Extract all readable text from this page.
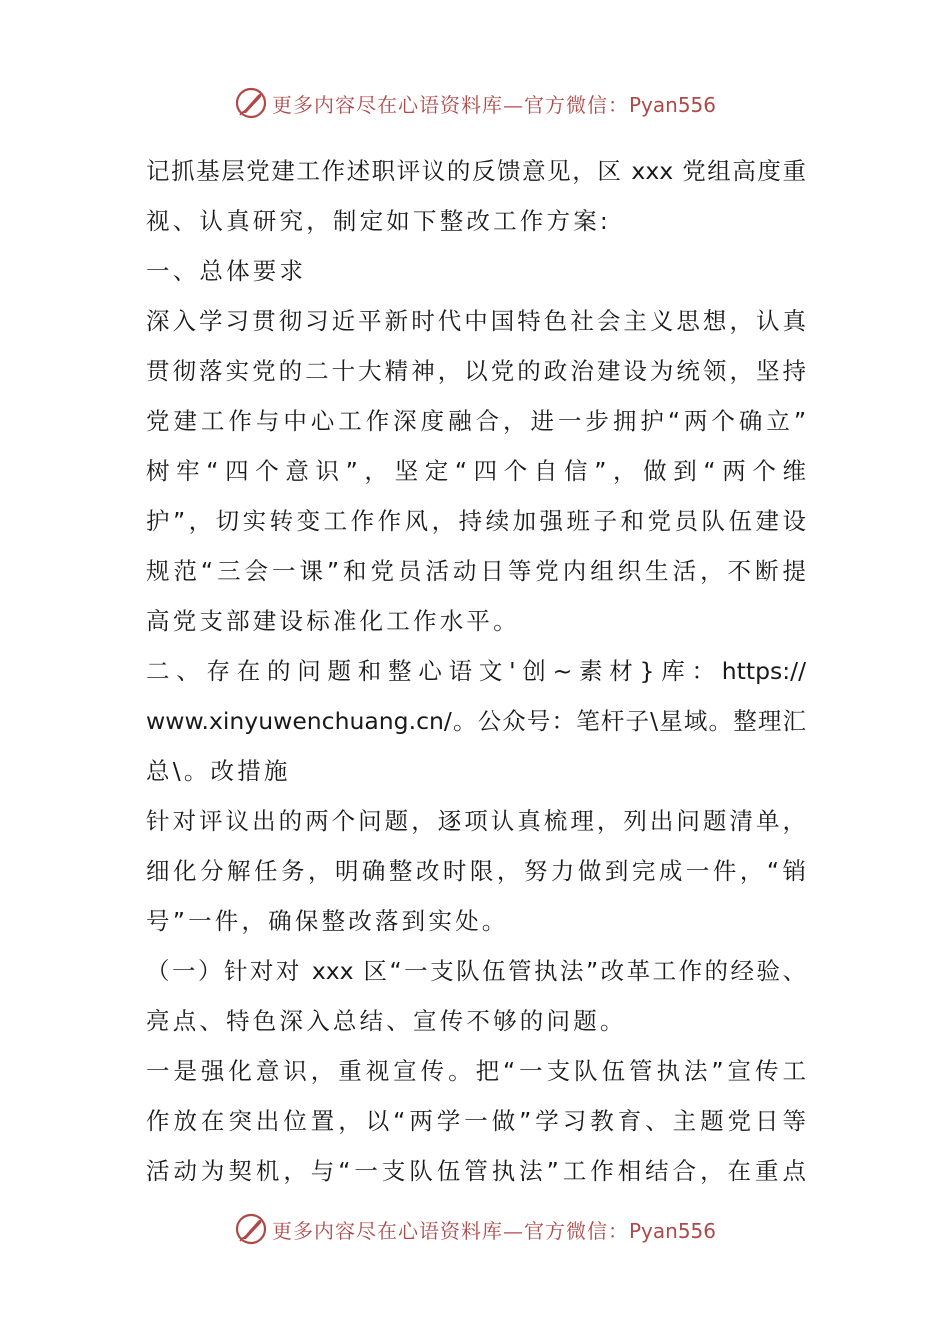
更多内容尽在心语资料库—官方微信：Pyan556
记抓基层党建工作述职评议的反馈意见，区 xxx 党组高度重
视、认真研究，制定如下整改工作方案:
一、总体要求
深入学习贯彻习近平新时代中国特色社会主义思想，认真
贯彻落实党的二十大精神，以党的政治建设为统领，坚持
党建工作与中心工作深度融合，进一步拥护“两个确立”
树牢“四个意识”，坚定“四个自信”，做到“两个维
护”，切实转变工作作风，持续加强班子和党员队伍建设
规范“三会一课”和党员活动日等党内组织生活，不断提
高党支部建设标准化工作水平。
二、存在的问题和整心语文'创~素材}库：https://
www.xinyuwenchuang.cn/。公众号：笔杆子\星域。整理汇
总\。改措施
针对评议出的两个问题，逐项认真梳理，列出问题清单，
细化分解任务，明确整改时限，努力做到完成一件，“销
号”一件，确保整改落到实处。
（一）针对对 xxx 区“一支队伍管执法”改革工作的经验、
亮点、特色深入总结、宣传不够的问题。
一是强化意识，重视宣传。把“一支队伍管执法”宣传工
作放在突出位置，以“两学一做”学习教育、主题党日等
活动为契机，与“一支队伍管执法”工作相结合，在重点
更多内容尽在心语资料库—官方微信：Pyan556
